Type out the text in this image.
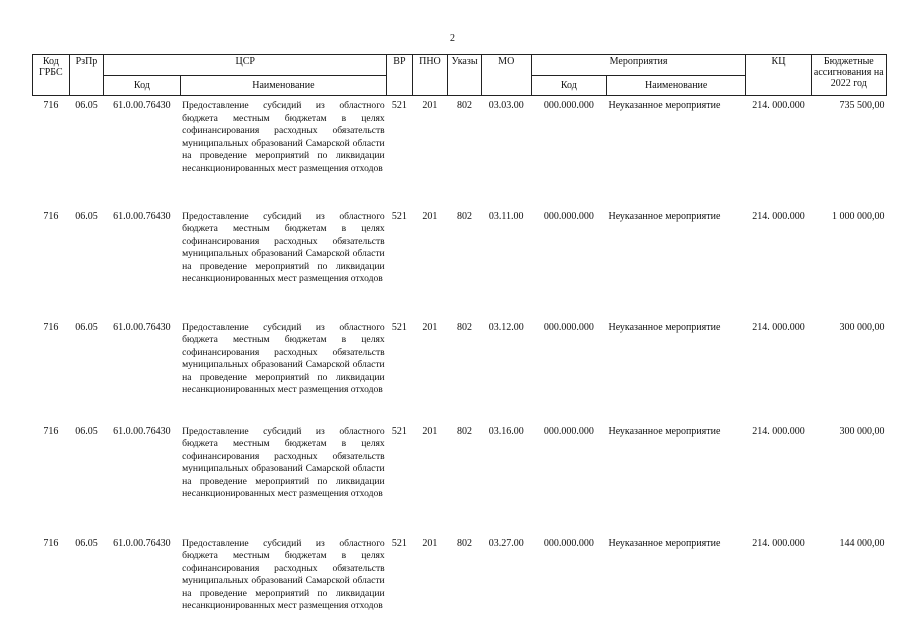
2
Код ГРБС	РзПр	ЦСР		ВР	ПНО	Указы	МО	Мероприятия		КЦ	Бюджетные ассигнования на 2022 год
		Код	Наименование					Код	Наименование		
716	06.05	61.0.00.76430	Предоставление субсидий из областного бюджета местным бюджетам в целях софинансирования расходных обязательств муниципальных образований Самарской области на проведение мероприятий по ликвидации несанкционированных мест размещения отходов	521	201	802	03.03.00	000.000.000	Неуказанное мероприятие	214. 000.000	735 500,00
716	06.05	61.0.00.76430	Предоставление субсидий из областного бюджета местным бюджетам в целях софинансирования расходных обязательств муниципальных образований Самарской области на проведение мероприятий по ликвидации несанкционированных мест размещения отходов	521	201	802	03.11.00	000.000.000	Неуказанное мероприятие	214. 000.000	1 000 000,00
716	06.05	61.0.00.76430	Предоставление субсидий из областного бюджета местным бюджетам в целях софинансирования расходных обязательств муниципальных образований Самарской области на проведение мероприятий по ликвидации несанкционированных мест размещения отходов	521	201	802	03.12.00	000.000.000	Неуказанное мероприятие	214. 000.000	300 000,00
716	06.05	61.0.00.76430	Предоставление субсидий из областного бюджета местным бюджетам в целях софинансирования расходных обязательств муниципальных образований Самарской области на проведение мероприятий по ликвидации несанкционированных мест размещения отходов	521	201	802	03.16.00	000.000.000	Неуказанное мероприятие	214. 000.000	300 000,00
716	06.05	61.0.00.76430	Предоставление субсидий из областного бюджета местным бюджетам в целях софинансирования расходных обязательств муниципальных образований Самарской области на проведение мероприятий по ликвидации несанкционированных мест размещения отходов	521	201	802	03.27.00	000.000.000	Неуказанное мероприятие	214. 000.000	144 000,00
